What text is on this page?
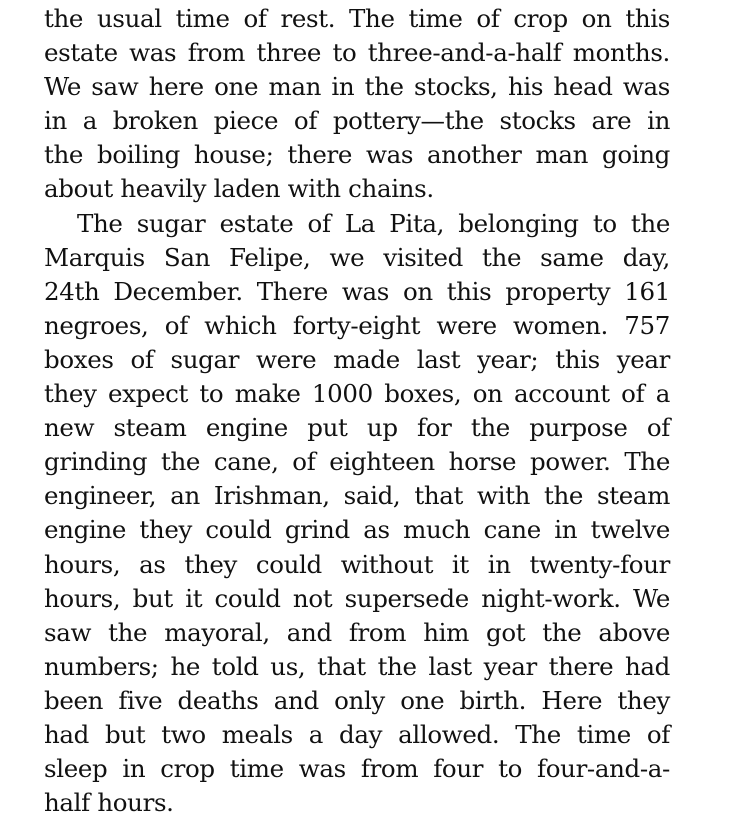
the usual time of rest. The time of crop on this
estate was from three to three-and-a-half months.
We saw here one man in the stocks, his head was
in a broken piece of pottery—the stocks are in
the boiling house; there was another man going
about heavily laden with chains.
The sugar estate of La Pita, belonging to the
Marquis San Felipe, we visited the same day,
24th December. There was on this property 161
negroes, of which forty-eight were women. 757
boxes of sugar were made last year; this year
they expect to make 1000 boxes, on account of a
new steam engine put up for the purpose of
grinding the cane, of eighteen horse power. The
engineer, an Irishman, said, that with the steam
engine they could grind as much cane in twelve
hours, as they could without it in twenty-four
hours, but it could not supersede night-work. We
saw the mayoral, and from him got the above
numbers; he told us, that the last year there had
been five deaths and only one birth. Here they
had but two meals a day allowed. The time of
sleep in crop time was from four to four-and-a-
half hours.
